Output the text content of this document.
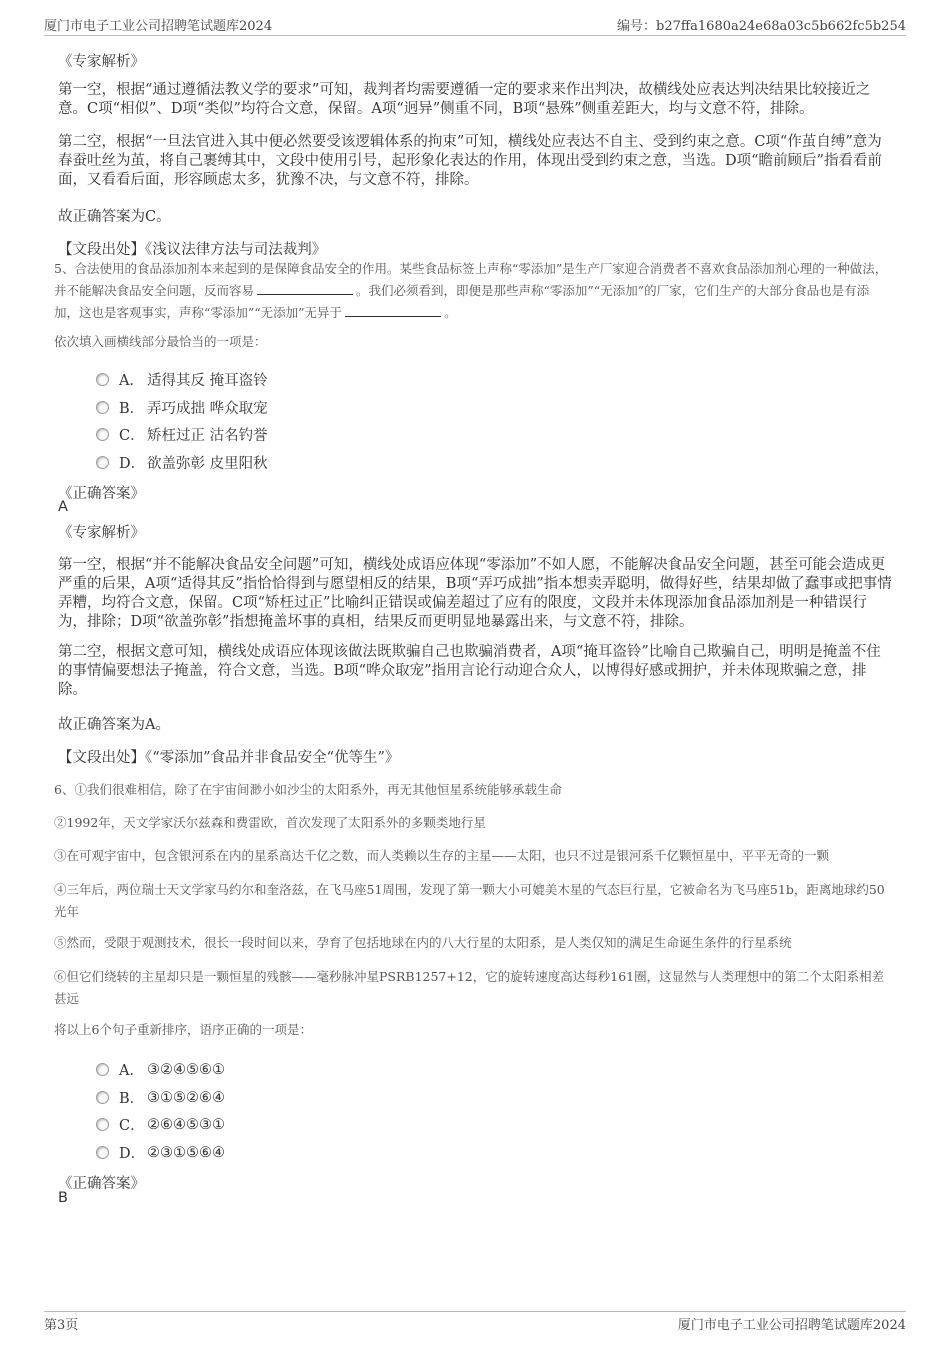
厦门市电子工业公司招聘笔试题库2024	编号：b27ffa1680a24e68a03c5b662fc5b254
《专家解析》
第一空，根据“通过遵循法教义学的要求”可知，裁判者均需要遵循一定的要求来作出判决，故横线处应表达判决结果比较接近之意。C项“相似”、D项“类似”均符合文意，保留。A项“迥异”侧重不同，B项“悬殊”侧重差距大，均与文意不符，排除。
第二空，根据“一旦法官进入其中便必然要受该逻辑体系的拘束”可知，横线处应表达不自主、受到约束之意。C项“作茧自缚”意为春蚕吐丝为茧，将自己裹缚其中，文段中使用引号，起形象化表达的作用，体现出受到约束之意，当选。D项“瞻前顾后”指看看前面，又看看后面，形容顾虑太多，犹豫不决，与文意不符，排除。
故正确答案为C。
【文段出处】《浅议法律方法与司法裁判》
5、合法使用的食品添加剂本来起到的是保障食品安全的作用。某些食品标签上声称“零添加”是生产厂家迎合消费者不喜欢食品添加剂心理的一种做法，并不能解决食品安全问题，反而容易	。我们必须看到，即便是那些声称“零添加”“无添加”的厂家，它们生产的大部分食品也是有添加，这也是客观事实，声称“零添加”“无添加”无异于	。
依次填入画横线部分最恰当的一项是：
A． 适得其反 掩耳盗铃
B． 弄巧成拙 哗众取宠
C． 矫枉过正 沽名钓誉
D． 欲盖弥彰 皮里阳秋
《正确答案》
A
《专家解析》
第一空，根据“并不能解决食品安全问题”可知，横线处成语应体现“零添加”不如人愿，不能解决食品安全问题，甚至可能会造成更严重的后果，A项“适得其反”指恰恰得到与愿望相反的结果，B项“弄巧成拙”指本想卖弄聪明，做得好些，结果却做了蠢事或把事情弄糟，均符合文意，保留。C项“矫枉过正”比喻纠正错误或偏差超过了应有的限度，文段并未体现添加食品添加剂是一种错误行为，排除；D项“欲盖弥彰”指想掩盖坏事的真相，结果反而更明显地暴露出来，与文意不符，排除。
第二空，根据文意可知，横线处成语应体现该做法既欺骗自己也欺骗消费者，A项“掩耳盗铃”比喻自己欺骗自己，明明是掩盖不住的事情偏要想法子掩盖，符合文意，当选。B项“哗众取宠”指用言论行动迎合众人，以博得好感或拥护，并未体现欺骗之意，排除。
故正确答案为A。
【文段出处】《“零添加”食品并非食品安全“优等生”》
6、①我们很难相信，除了在宇宙间渺小如沙尘的太阳系外，再无其他恒星系统能够承载生命
②1992年，天文学家沃尔兹森和费雷欧，首次发现了太阳系外的多颗类地行星
③在可观宇宙中，包含银河系在内的星系高达千亿之数，而人类赖以生存的主星——太阳，也只不过是银河系千亿颗恒星中，平平无奇的一颗
④三年后，两位瑞士天文学家马约尔和奎洛兹，在飞马座51周围，发现了第一颗大小可媲美木星的气态巨行星，它被命名为飞马座51b，距离地球约50光年
⑤然而，受限于观测技术，很长一段时间以来，孕育了包括地球在内的八大行星的太阳系，是人类仅知的满足生命诞生条件的行星系统
⑥但它们绕转的主星却只是一颗恒星的残骸——毫秒脉冲星PSRB1257+12，它的旋转速度高达每秒161圈，这显然与人类理想中的第二个太阳系相差甚远
将以上6个句子重新排序，语序正确的一项是：
A． ③②④⑤⑥①
B． ③①⑤②⑥④
C． ②⑥④⑤③①
D． ②③①⑤⑥④
《正确答案》
B
第3页	厦门市电子工业公司招聘笔试题库2024
